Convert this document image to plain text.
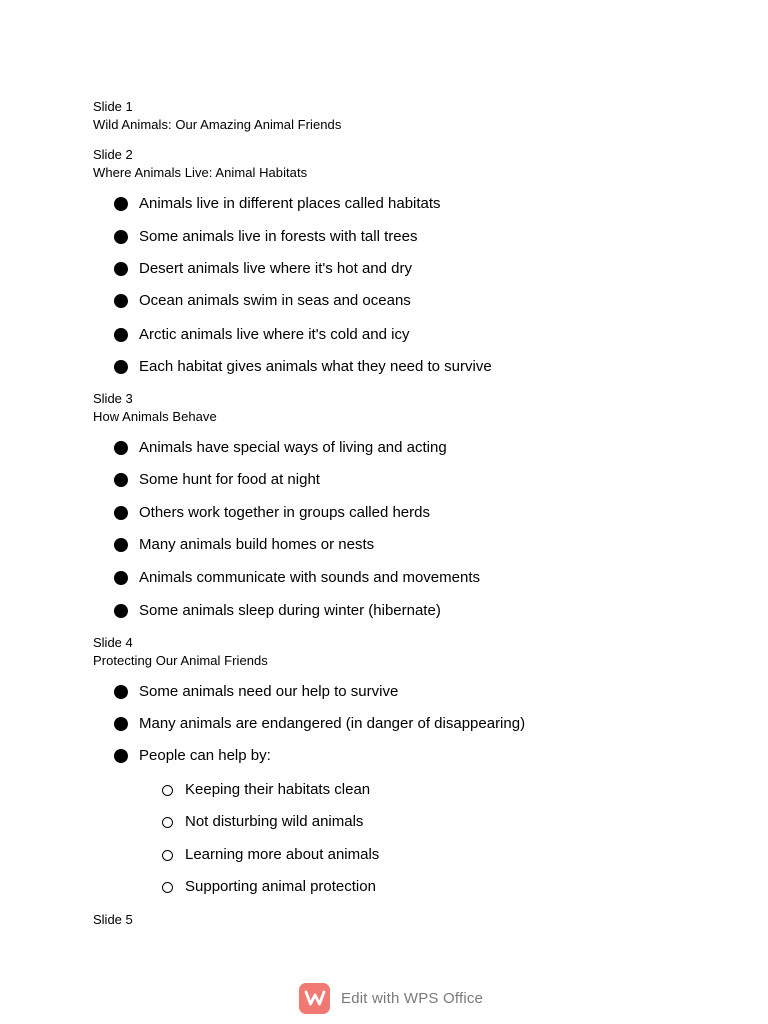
Slide 1
Wild Animals: Our Amazing Animal Friends
Slide 2
Where Animals Live: Animal Habitats
Animals live in different places called habitats
Some animals live in forests with tall trees
Desert animals live where it's hot and dry
Ocean animals swim in seas and oceans
Arctic animals live where it's cold and icy
Each habitat gives animals what they need to survive
Slide 3
How Animals Behave
Animals have special ways of living and acting
Some hunt for food at night
Others work together in groups called herds
Many animals build homes or nests
Animals communicate with sounds and movements
Some animals sleep during winter (hibernate)
Slide 4
Protecting Our Animal Friends
Some animals need our help to survive
Many animals are endangered (in danger of disappearing)
People can help by:
Keeping their habitats clean
Not disturbing wild animals
Learning more about animals
Supporting animal protection
Slide 5
Edit with WPS Office
